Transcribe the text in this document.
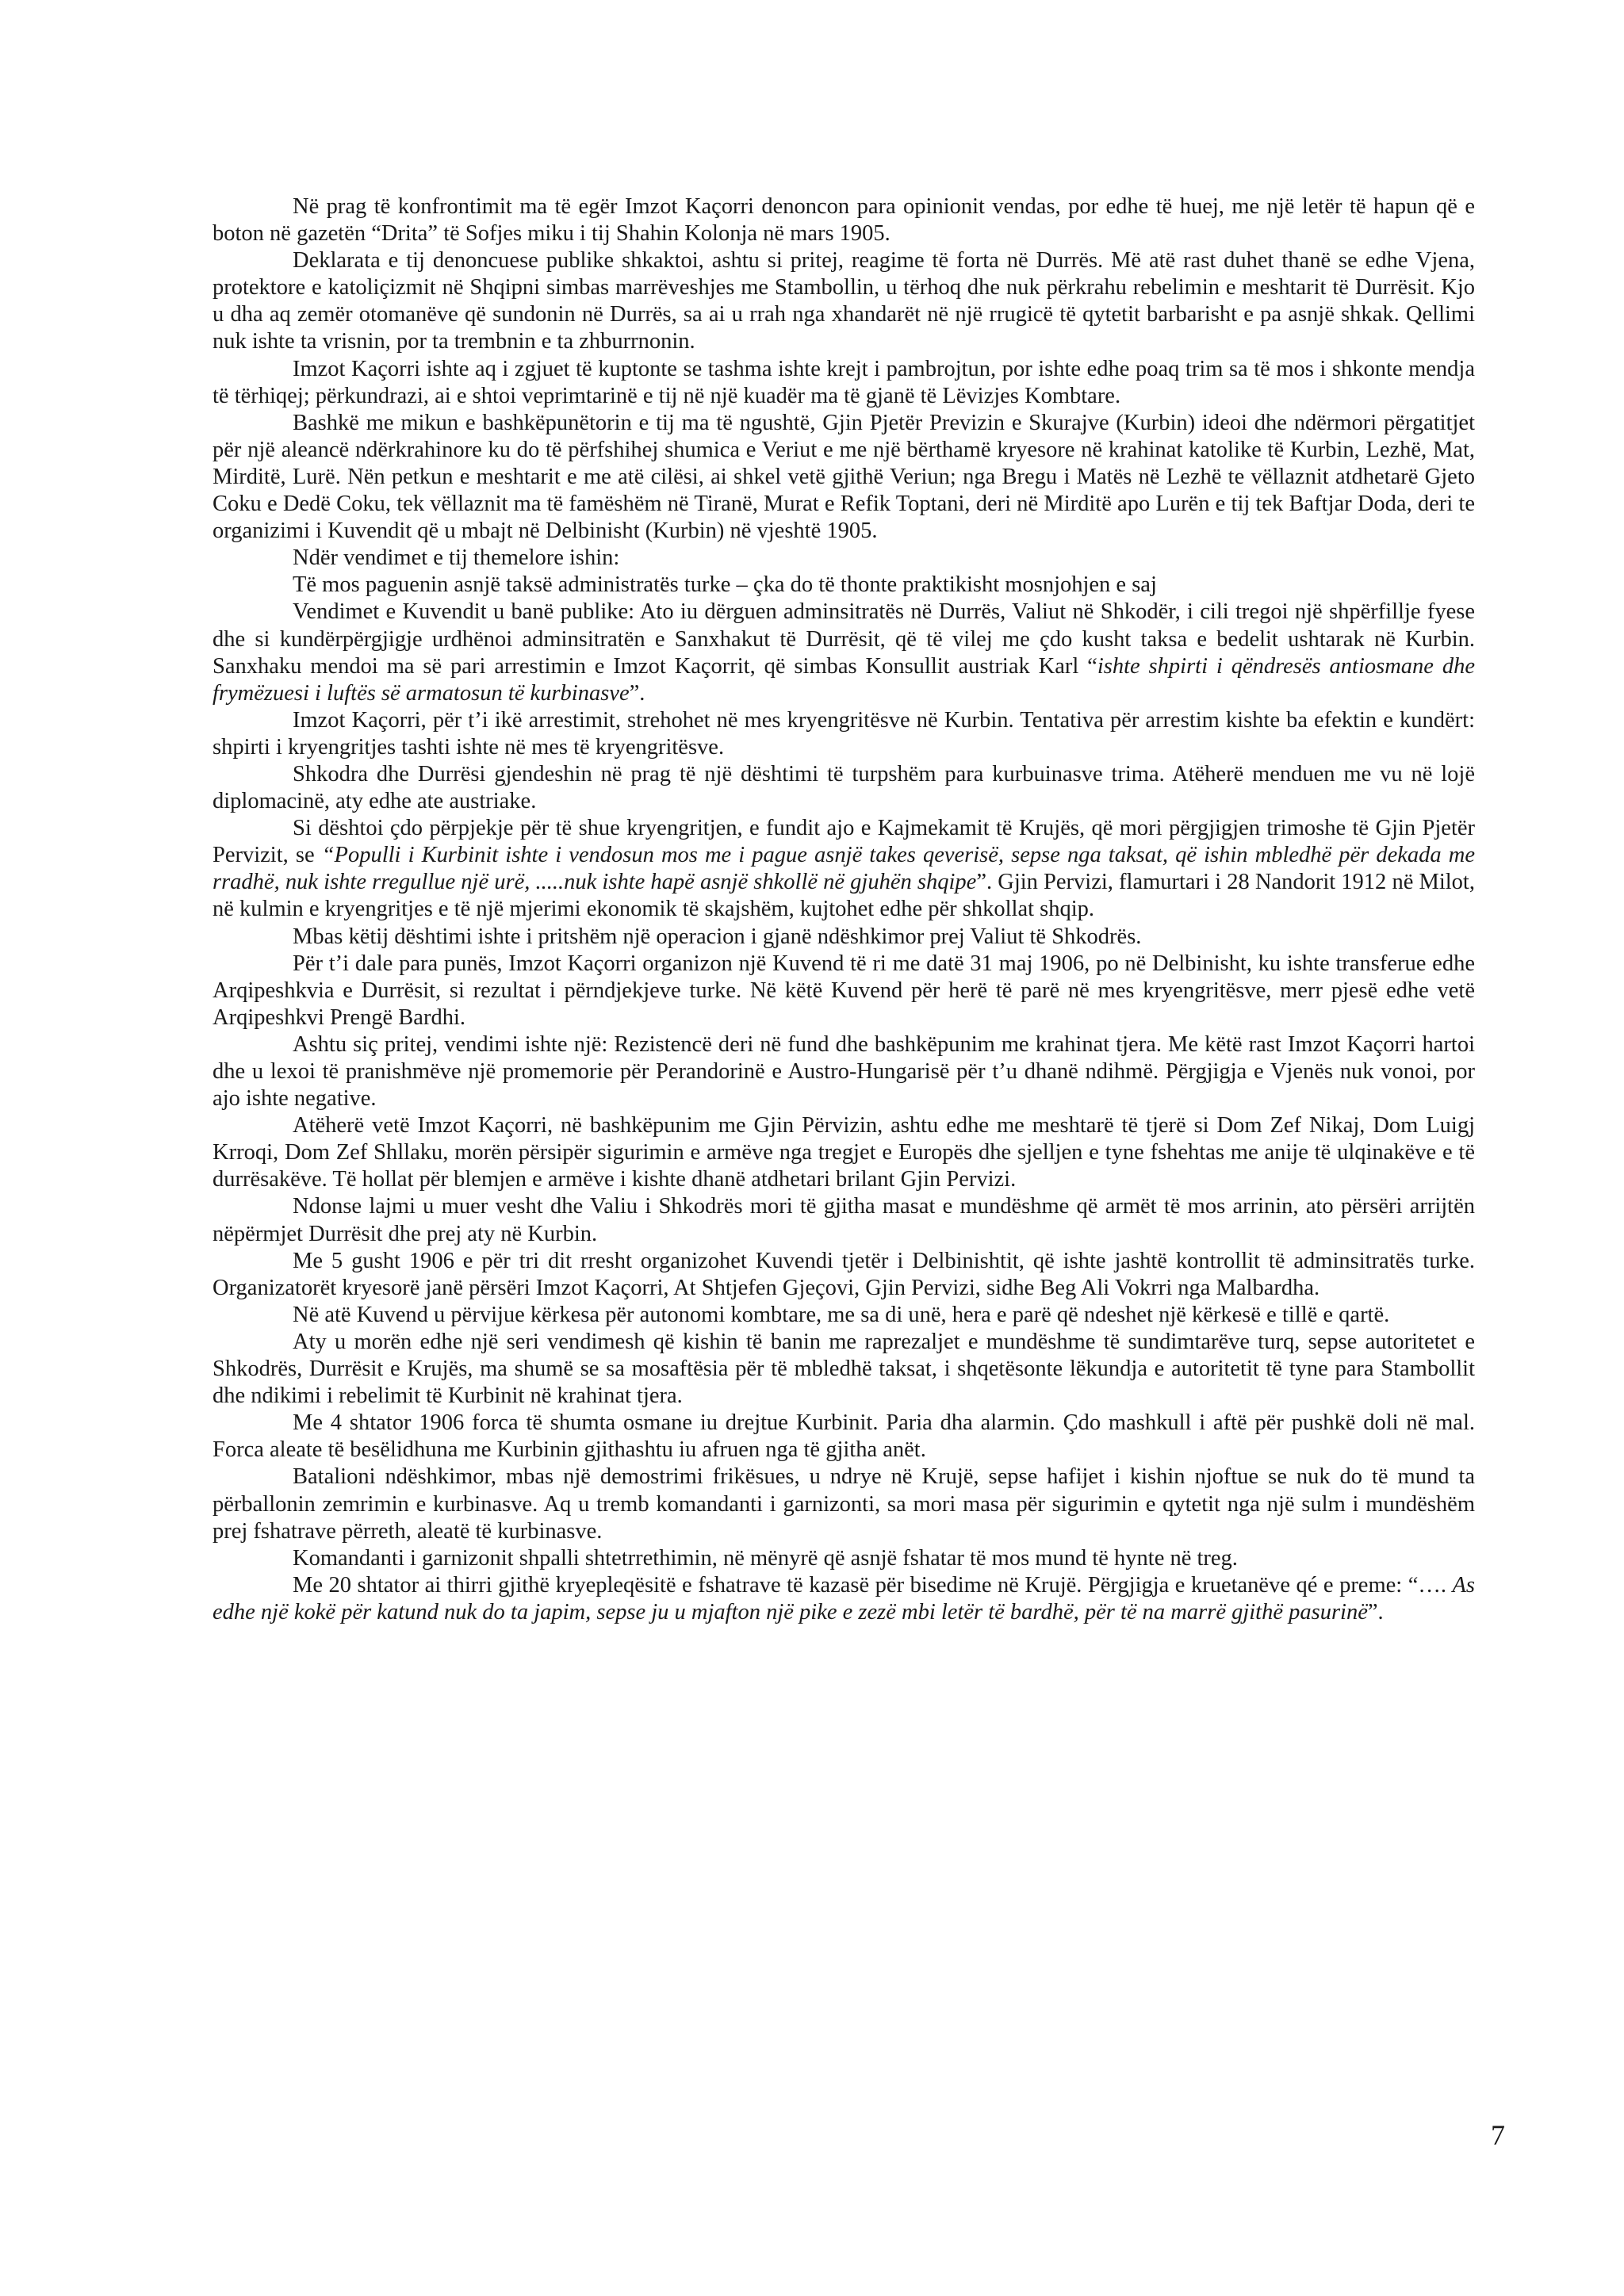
Në prag të konfrontimit ma të egër Imzot Kaçorri denoncon para opinionit vendas, por edhe të huej, me një letër të hapun që e boton në gazetën “Drita” të Sofjes miku i tij Shahin Kolonja në mars 1905.

Deklarata e tij denoncuese publike shkaktoi, ashtu si pritej, reagime të forta në Durrës. Më atë rast duhet thanë se edhe Vjena, protektore e katoliçizmit në Shqipni simbas marrëveshjes me Stambollin, u tërhoq dhe nuk përkrahu rebelimin e meshtarit të Durrësit. Kjo u dha aq zemër otomanëve që sundonin në Durrës, sa ai u rrah nga xhandarët në një rrugicë të qytetit barbarisht e pa asnjë shkak. Qellimi nuk ishte ta vrisnin, por ta trembnin e ta zhburrnonin.

Imzot Kaçorri ishte aq i zgjuet të kuptonte se tashma ishte krejt i pambrojtun, por ishte edhe poaq trim sa të mos i shkonte mendja të tërhiqej; përkundrazi, ai e shtoi veprimtarinë e tij në një kuadër ma të gjanë të Lëvizjes Kombtare.

Bashkë me mikun e bashkëpunëtorin e tij ma të ngushtë, Gjin Pjetër Previzin e Skurajve (Kurbin) ideoi dhe ndërmori përgatitjet për një aleancë ndërkrahinore ku do të përfshihej shumica e Veriut e me një bërthamë kryesore në krahinat katolike të Kurbin, Lezhë, Mat, Mirditë, Lurë. Nën petkun e meshtarit e me atë cilësi, ai shkel vetë gjithë Veriun; nga Bregu i Matës në Lezhë te vëllaznit atdhetarë Gjeto Coku e Dedë Coku, tek vëllaznit ma të famëshëm në Tiranë, Murat e Refik Toptani, deri në Mirditë apo Lurën e tij tek Baftjar Doda, deri te organizimi i Kuvendit që u mbajt në Delbinisht (Kurbin) në vjeshtë 1905.

Ndër vendimet e tij themelore ishin:

Të mos paguenin asnjë taksë administratës turke – çka do të thonte praktikisht mosnjohjen e saj

Vendimet e Kuvendit u banë publike: Ato iu dërguen adminsitratës në Durrës, Valiut në Shkodër, i cili tregoi një shpërfillje fyese dhe si kundërpërgjigje urdhënoi adminsitratën e Sanxhakut të Durrësit, që të vilej me çdo kusht taksa e bedelit ushtarak në Kurbin. Sanxhaku mendoi ma së pari arrestimin e Imzot Kaçorrit, që simbas Konsullit austriak Karl “ishte shpirti i qëndresës antiosmane dhe frymëzuesi i luftës së armatosun të kurbinasve”.

Imzot Kaçorri, për t’i ikë arrestimit, strehohet në mes kryengritësve në Kurbin. Tentativa për arrestim kishte ba efektin e kundërt: shpirti i kryengritjes tashti ishte në mes të kryengritësve.

Shkodra dhe Durrësi gjendeshin në prag të një dështimi të turpshëm para kurbuinasve trima. Atëherë menduen me vu në lojë diplomacinë, aty edhe ate austriake.

Si dështoi çdo përpjekje për të shue kryengritjen, e fundit ajo e Kajmekamit të Krujës, që mori përgjigjen trimoshe të Gjin Pjetër Pervizit, se “Populli i Kurbinit ishte i vendosun mos me i pague asnjë takes qeverisë, sepse nga taksat, që ishin mbledhë për dekada me rradhë, nuk ishte rregullue një urë, .....nuk ishte hapë asnjë shkollë në gjuhën shqipe”. Gjin Pervizi, flamurtari i 28 Nandorit 1912 në Milot, në kulmin e kryengritjes e të një mjerimi ekonomik të skajshëm, kujtohet edhe për shkollat shqip.

Mbas këtij dështimi ishte i pritshëm një operacion i gjanë ndëshkimor prej Valiut të Shkodrës.

Për t’i dale para punës, Imzot Kaçorri organizon një Kuvend të ri me datë 31 maj 1906, po në Delbinisht, ku ishte transferue edhe Arqipeshkvia e Durrësit, si rezultat i përndjekjeve turke. Në këtë Kuvend për herë të parë në mes kryengritësve, merr pjesë edhe vetë Arqipeshkvi Prengë Bardhi.

Ashtu siç pritej, vendimi ishte një: Rezistencë deri në fund dhe bashkëpunim me krahinat tjera. Me këtë rast Imzot Kaçorri hartoi dhe u lexoi të pranishmëve një promemorie për Perandorinë e Austro-Hungarisë për t’u dhanë ndihmë. Përgjigja e Vjenës nuk vonoi, por ajo ishte negative.

Atëherë vetë Imzot Kaçorri, në bashkëpunim me Gjin Përvizin, ashtu edhe me meshtarë të tjerë si Dom Zef Nikaj, Dom Luigj Krroqi, Dom Zef Shllaku, morën përsipër sigurimin e armëve nga tregjet e Europës dhe sjelljen e tyne fshehtas me anije të ulqinakëve e të durrësakëve. Të hollat për blemjen e armëve i kishte dhanë atdhetari brilant Gjin Pervizi.

Ndonse lajmi u muer vesht dhe Valiu i Shkodrës mori të gjitha masat e mundëshme që armët të mos arrinin, ato përsëri arrijtën nëpërmjet Durrësit dhe prej aty në Kurbin.

Me 5 gusht 1906 e për tri dit rresht organizohet Kuvendi tjetër i Delbinishtit, që ishte jashtë kontrollit të adminsitratës turke. Organizatorët kryesorë janë përsëri Imzot Kaçorri, At Shtjefen Gjeçovi, Gjin Pervizi, sidhe Beg Ali Vokrri nga Malbardha.

Në atë Kuvend u përvijue kërkesa për autonomi kombtare, me sa di unë, hera e parë që ndeshet një kërkesë e tillë e qartë.

Aty u morën edhe një seri vendimesh që kishin të banin me raprezaljet e mundëshme të sundimtarëve turq, sepse autoritetet e Shkodrës, Durrësit e Krujës, ma shumë se sa mosaftësia për të mbledhë taksat, i shqetësonte lëkundja e autoritetit të tyne para Stambollit dhe ndikimi i rebelimit të Kurbinit në krahinat tjera.

Me 4 shtator 1906 forca të shumta osmane iu drejtue Kurbinit. Paria dha alarmin. Çdo mashkull i aftë për pushkë doli në mal. Forca aleate të besëlidhuna me Kurbinin gjithashtu iu afruen nga të gjitha anët.

Batalioni ndëshkimor, mbas një demostrimi frikësues, u ndrye në Krujë, sepse hafijet i kishin njoftue se nuk do të mund ta përballonin zemrimin e kurbinasve. Aq u tremb komandanti i garnizonti, sa mori masa për sigurimin e qytetit nga një sulm i mundëshëm prej fshatrave përreth, aleatë të kurbinasve.

Komandanti i garnizonit shpalli shtetrrethimin, në mënyrë që asnjë fshatar të mos mund të hynte në treg.

Me 20 shtator ai thirri gjithë kryepleqësitë e fshatrave të kazasë për bisedime në Krujë. Përgjigja e kruetanëve qé e preme: “…. As edhe një kokë për katund nuk do ta japim, sepse ju u mjafton një pike e zezë mbi letër të bardhë, për të na marrë gjithë pasurinë”.

7
